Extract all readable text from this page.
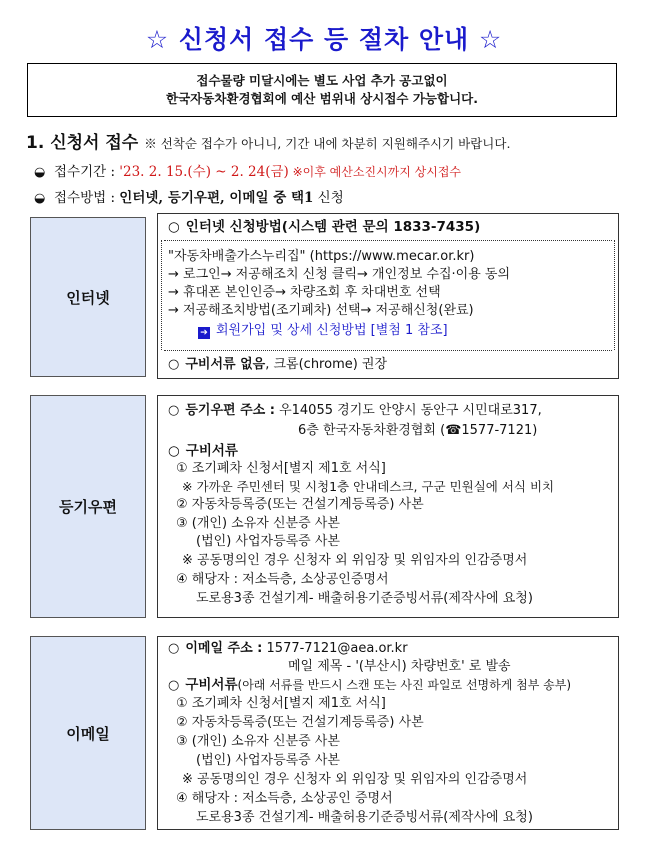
☆ 신청서 접수 등 절차 안내 ☆
접수물량 미달시에는 별도 사업 추가 공고없이
한국자동차환경협회에 예산 범위내 상시접수 가능합니다.
1. 신청서 접수 ※ 선착순 접수가 아니니, 기간 내에 차분히 지원해주시기 바랍니다.
◒ 접수기간 : '23. 2. 15.(수) ~ 2. 24(금) ※이후 예산소진시까지 상시접수
◒ 접수방법 : 인터넷, 등기우편, 이메일 중 택1 신청
인터넷
○ 인터넷 신청방법(시스템 관련 문의 1833-7435)
"자동차배출가스누리집" (https://www.mecar.or.kr)
→ 로그인→ 저공해조치 신청 클릭→ 개인정보 수집·이용 동의
→ 휴대폰 본인인증→ 차량조회 후 차대번호 선택
→ 저공해조치방법(조기폐차) 선택→ 저공해신청(완료)
➔ 회원가입 및 상세 신청방법 [별첨 1 참조]
○ 구비서류 없음, 크롬(chrome) 권장
등기우편
○ 등기우편 주소 : 우14055 경기도 안양시 동안구 시민대로317,
6층 한국자동차환경협회 (☎1577-7121)
○ 구비서류
① 조기폐차 신청서[별지 제1호 서식]
※ 가까운 주민센터 및 시청1층 안내데스크, 구군 민원실에 서식 비치
② 자동차등록증(또는 건설기계등록증) 사본
③ (개인) 소유자 신분증 사본
(법인) 사업자등록증 사본
※ 공동명의인 경우 신청자 외 위임장 및 위임자의 인감증명서
④ 해당자 : 저소득층, 소상공인증명서
도로용3종 건설기계- 배출허용기준증빙서류(제작사에 요청)
이메일
○ 이메일 주소 : 1577-7121@aea.or.kr
메일 제목 - '(부산시) 차량번호' 로 발송
○ 구비서류(아래 서류를 반드시 스캔 또는 사진 파일로 선명하게 첨부 송부)
① 조기폐차 신청서[별지 제1호 서식]
② 자동차등록증(또는 건설기계등록증) 사본
③ (개인) 소유자 신분증 사본
(법인) 사업자등록증 사본
※ 공동명의인 경우 신청자 외 위임장 및 위임자의 인감증명서
④ 해당자 : 저소득층, 소상공인 증명서
도로용3종 건설기계- 배출허용기준증빙서류(제작사에 요청)
